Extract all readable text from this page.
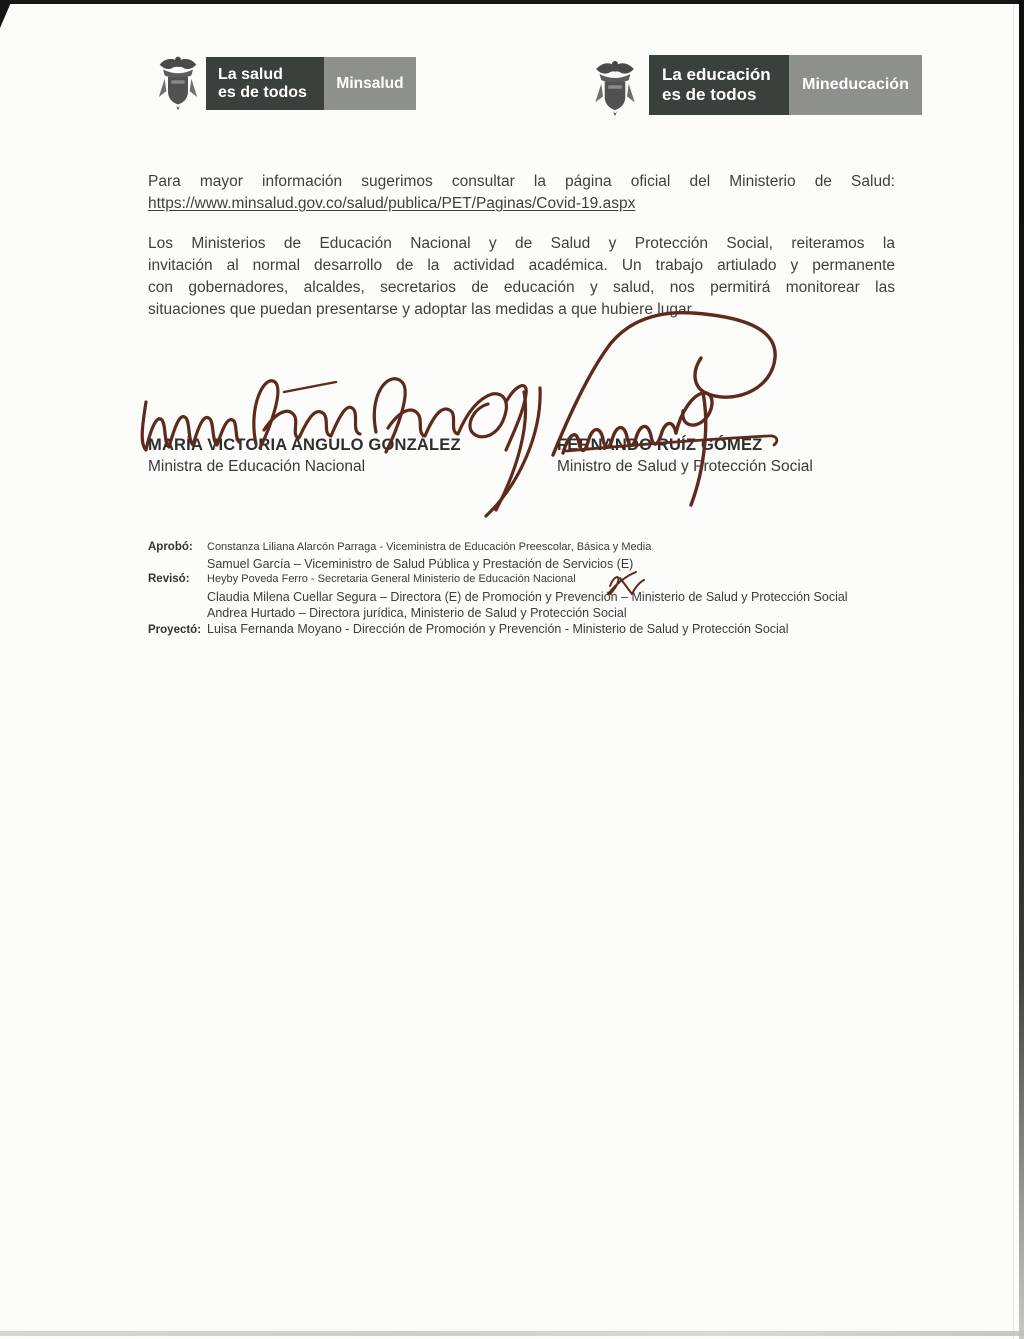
La salud
es de todos
Minsalud	La educación
es de todos
Mineducación
Para mayor información sugerimos consultar la página oficial del Ministerio de Salud:
https://www.minsalud.gov.co/salud/publica/PET/Paginas/Covid-19.aspx
Los Ministerios de Educación Nacional y de Salud y Protección Social, reiteramos la
invitación al normal desarrollo de la actividad académica. Un trabajo artiulado y permanente
con gobernadores, alcaldes, secretarios de educación y salud, nos permitirá monitorear las
situaciones que puedan presentarse y adoptar las medidas a que hubiere lugar.
MARÍA VICTORIA ANGULO GONZÁLEZ
Ministra de Educación Nacional
FERNANDO RUÍZ GÓMEZ
Ministro de Salud y Protección Social
Aprobó:	Constanza Liliana Alarcón Parraga - Viceministra de Educación Preescolar, Básica y Media
Samuel García – Viceministro de Salud Pública y Prestación de Servicios (E)
Revisó:	Heyby Poveda Ferro - Secretaria General Ministerio de Educación Nacional
Claudia Milena Cuellar Segura – Directora (E) de Promoción y Prevención – Ministerio de Salud y Protección Social
Andrea Hurtado – Directora jurídica, Ministerio de Salud y Protección Social
Proyectó: Luisa Fernanda Moyano - Dirección de Promoción y Prevención - Ministerio de Salud y Protección Social
